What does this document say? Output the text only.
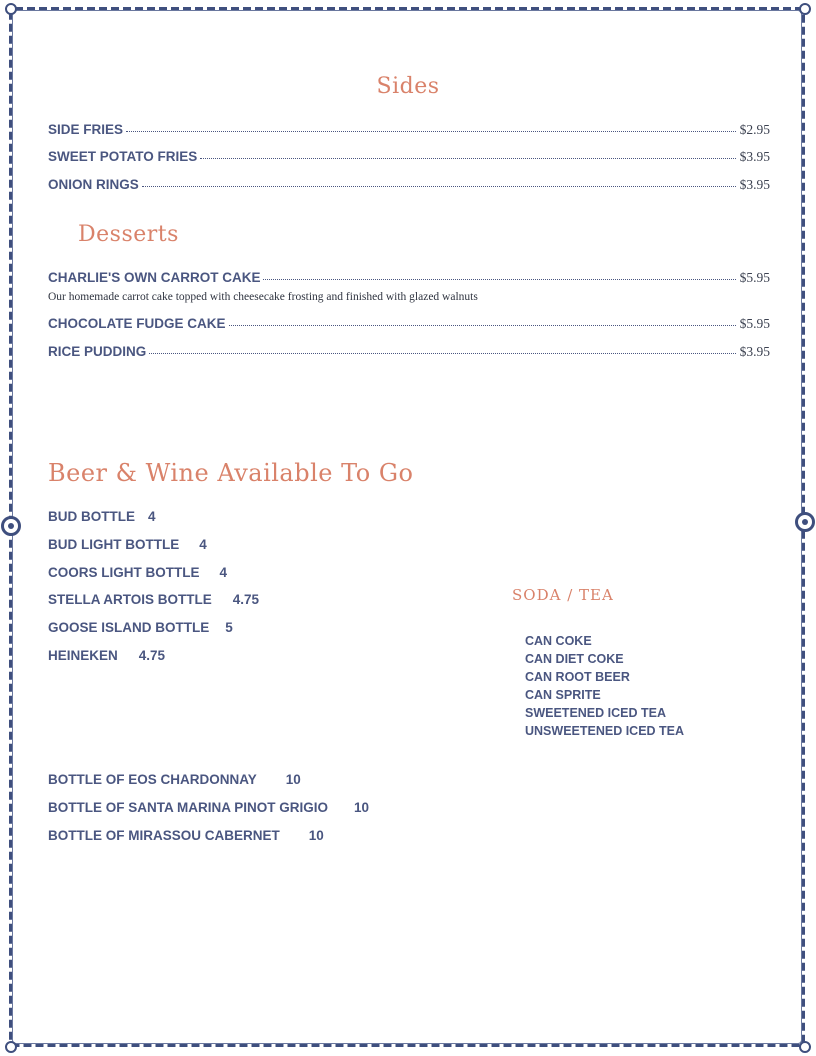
Sides
SIDE FRIES	$2.95
SWEET POTATO FRIES	$3.95
ONION RINGS	$3.95
Desserts
CHARLIE'S OWN CARROT CAKE	$5.95
Our homemade carrot cake topped with cheesecake frosting and finished with glazed walnuts
CHOCOLATE FUDGE CAKE	$5.95
RICE PUDDING	$3.95
Beer & Wine Available To Go
BUD BOTTLE 4
BUD LIGHT BOTTLE 4
COORS LIGHT BOTTLE 4
STELLA ARTOIS BOTTLE 4.75
GOOSE ISLAND BOTTLE 5
HEINEKEN 4.75
BOTTLE OF EOS CHARDONNAY 10
BOTTLE OF SANTA MARINA PINOT GRIGIO 10
BOTTLE OF MIRASSOU CABERNET 10
SODA / TEA
CAN COKE
CAN DIET COKE
CAN ROOT BEER
CAN SPRITE
SWEETENED ICED TEA
UNSWEETENED ICED TEA
